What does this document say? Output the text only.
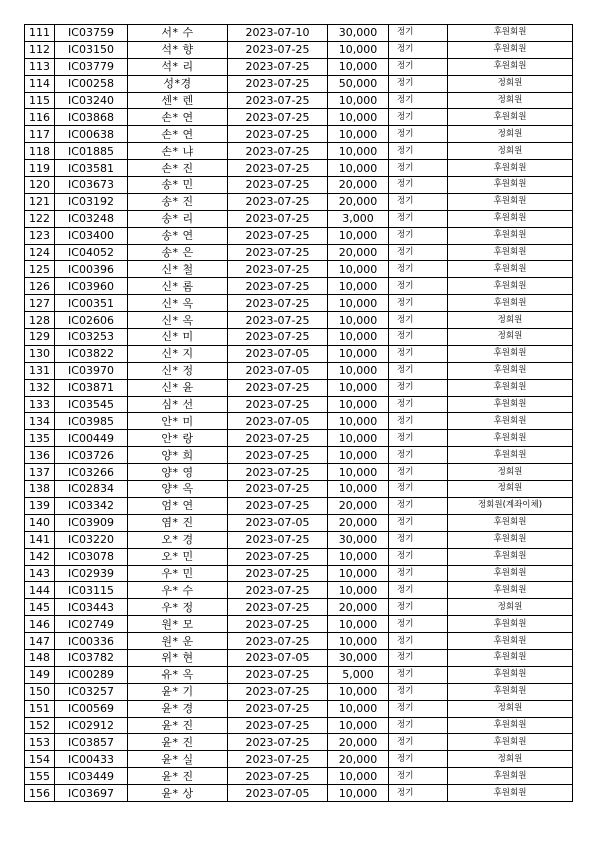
111	IC03759	서* 수	2023-07-10	30,000	정기	후원회원
112	IC03150	석* 향	2023-07-25	10,000	정기	후원회원
113	IC03779	석* 리	2023-07-25	10,000	정기	후원회원
114	IC00258	성*경	2023-07-25	50,000	정기	정회원
115	IC03240	센* 렌	2023-07-25	10,000	정기	정회원
116	IC03868	손* 연	2023-07-25	10,000	정기	후원회원
117	IC00638	손* 연	2023-07-25	10,000	정기	정회원
118	IC01885	손* 냐	2023-07-25	10,000	정기	정회원
119	IC03581	손* 진	2023-07-25	10,000	정기	후원회원
120	IC03673	송* 민	2023-07-25	20,000	정기	후원회원
121	IC03192	송* 진	2023-07-25	20,000	정기	후원회원
122	IC03248	송* 리	2023-07-25	3,000	정기	후원회원
123	IC03400	송* 연	2023-07-25	10,000	정기	후원회원
124	IC04052	송* 은	2023-07-25	20,000	정기	후원회원
125	IC00396	신* 철	2023-07-25	10,000	정기	후원회원
126	IC03960	신* 롬	2023-07-25	10,000	정기	후원회원
127	IC00351	신* 옥	2023-07-25	10,000	정기	후원회원
128	IC02606	신* 옥	2023-07-25	10,000	정기	정회원
129	IC03253	신* 미	2023-07-25	10,000	정기	정회원
130	IC03822	신* 지	2023-07-05	10,000	정기	후원회원
131	IC03970	신* 정	2023-07-05	10,000	정기	후원회원
132	IC03871	신* 윤	2023-07-25	10,000	정기	후원회원
133	IC03545	심* 선	2023-07-25	10,000	정기	후원회원
134	IC03985	안* 미	2023-07-05	10,000	정기	후원회원
135	IC00449	안* 랑	2023-07-25	10,000	정기	후원회원
136	IC03726	양* 희	2023-07-25	10,000	정기	후원회원
137	IC03266	양* 영	2023-07-25	10,000	정기	정회원
138	IC02834	양* 옥	2023-07-25	10,000	정기	정회원
139	IC03342	엄* 연	2023-07-25	20,000	정기	정회원(계좌이체)
140	IC03909	염* 진	2023-07-05	20,000	정기	후원회원
141	IC03220	오* 경	2023-07-25	30,000	정기	후원회원
142	IC03078	오* 민	2023-07-25	10,000	정기	후원회원
143	IC02939	우* 민	2023-07-25	10,000	정기	후원회원
144	IC03115	우* 수	2023-07-25	10,000	정기	후원회원
145	IC03443	우* 정	2023-07-25	20,000	정기	정회원
146	IC02749	원* 모	2023-07-25	10,000	정기	후원회원
147	IC00336	원* 운	2023-07-25	10,000	정기	후원회원
148	IC03782	위* 현	2023-07-05	30,000	정기	후원회원
149	IC00289	유* 옥	2023-07-25	5,000	정기	후원회원
150	IC03257	윤* 기	2023-07-25	10,000	정기	후원회원
151	IC00569	윤* 경	2023-07-25	10,000	정기	정회원
152	IC02912	윤* 진	2023-07-25	10,000	정기	후원회원
153	IC03857	윤* 진	2023-07-25	20,000	정기	후원회원
154	IC00433	윤* 실	2023-07-25	20,000	정기	정회원
155	IC03449	윤* 진	2023-07-25	10,000	정기	후원회원
156	IC03697	윤* 상	2023-07-05	10,000	정기	후원회원
